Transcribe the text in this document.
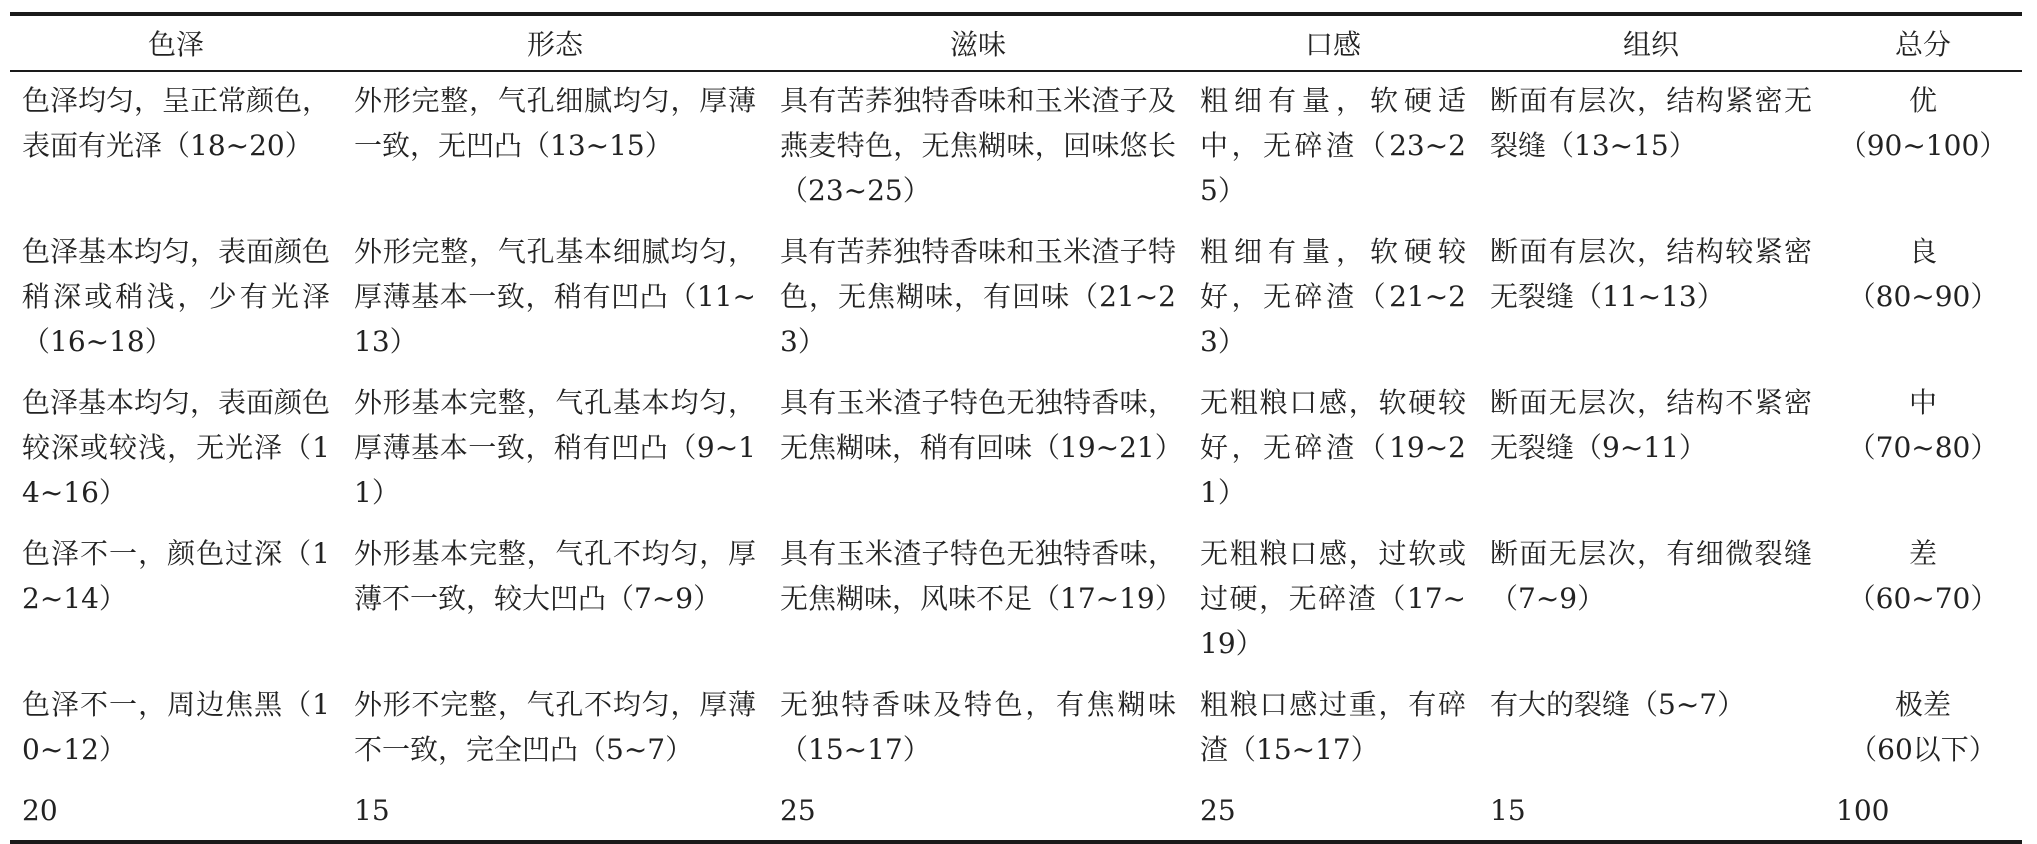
色泽	形态	滋味	口感	组织	总分
色泽均匀，呈正常颜色，表面有光泽（18~20）	外形完整，气孔细腻均匀，厚薄一致，无凹凸（13~15）	具有苦荞独特香味和玉米渣子及燕麦特色，无焦糊味，回味悠长（23~25）	粗细有量，软硬适中，无碎渣（23~25）	断面有层次，结构紧密无裂缝（13~15）	优
（90~100）

色泽基本均匀，表面颜色稍深或稍浅，少有光泽（16~18）	外形完整，气孔基本细腻均匀，厚薄基本一致，稍有凹凸（11~13）	具有苦荞独特香味和玉米渣子特色，无焦糊味，有回味（21~23）	粗细有量，软硬较好，无碎渣（21~23）	断面有层次，结构较紧密无裂缝（11~13）	良
（80~90）

色泽基本均匀，表面颜色较深或较浅，无光泽（14~16）	外形基本完整，气孔基本均匀，厚薄基本一致，稍有凹凸（9~11）	具有玉米渣子特色无独特香味，无焦糊味，稍有回味（19~21）	无粗粮口感，软硬较好，无碎渣（19~21）	断面无层次，结构不紧密无裂缝（9~11）	中
（70~80）

色泽不一，颜色过深（12~14）	外形基本完整，气孔不均匀，厚薄不一致，较大凹凸（7~9）	具有玉米渣子特色无独特香味，无焦糊味，风味不足（17~19）	无粗粮口感，过软或过硬，无碎渣（17~19）	断面无层次，有细微裂缝（7~9）	差
（60~70）

色泽不一，周边焦黑（10~12）	外形不完整，气孔不均匀，厚薄不一致，完全凹凸（5~7）	无独特香味及特色，有焦糊味（15~17）	粗粮口感过重，有碎渣（15~17）	有大的裂缝（5~7）	极差
（60以下）

20	15	25	25	15	100
